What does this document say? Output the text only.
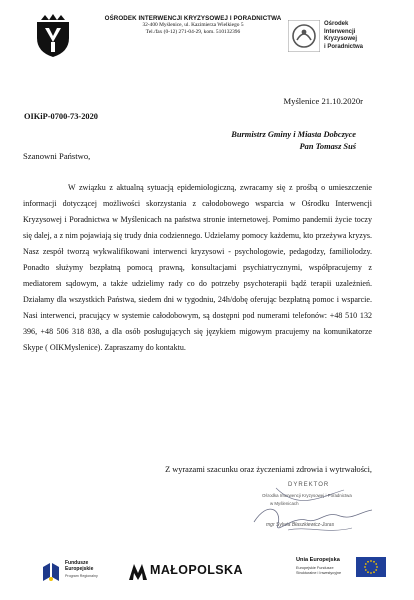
OŚRODEK INTERWENCJI KRYZYSOWEJ I PORADNICTWA
32-400 Myślenice, ul. Kazimierza Wielkiego 5
Tel./fax (0-12) 271-04-29, kom. 510132396
Ośrodek
Interwencji
Kryzysowej
i Poradnictwa
Myślenice 21.10.2020r
OIKiP-0700-73-2020
Burmistrz Gminy i Miasta Dobczyce
Pan Tomasz Suś
Szanowni Państwo,

W związku z aktualną sytuacją epidemiologiczną, zwracamy się z prośbą o umieszczenie informacji dotyczącej możliwości skorzystania z całodobowego wsparcia w Ośrodku Interwencji Kryzysowej i Poradnictwa w Myślenicach na państwa stronie internetowej. Pomimo pandemii życie toczy się dalej, a z nim pojawiają się trudy dnia codziennego. Udzielamy pomocy każdemu, kto przeżywa kryzys. Nasz zespół tworzą wykwalifikowani interwenci kryzysowi - psychologowie, pedagodzy, familiolodzy. Ponadto służymy bezpłatną pomocą prawną, konsultacjami psychiatrycznymi, współpracujemy z mediatorem sądowym, a także udzielimy rady co do potrzeby psychoterapii bądź terapii uzależnień. Działamy dla wszystkich Państwa, siedem dni w tygodniu, 24h/dobę oferując bezpłatną pomoc i wsparcie. Nasi interwenci, pracujący w systemie całodobowym, są dostępni pod numerami telefonów: +48 510 132 396, +48 506 318 838, a dla osób posługujących się językiem migowym pracujemy na komunikatorze Skype ( OIKMyslenice). Zapraszamy do kontaktu.

Z wyrazami szacunku oraz życzeniami zdrowia i wytrwałości,
DYREKTOR
Ośrodka Interwencji Kryzysowej i Poradnictwa
w Myślenicach
mgr Sylwia Błaszkiewicz-Juras
Fundusze
Europejskie
Program Regionalny	MAŁOPOLSKA
Unia Europejska
Europejskie Fundusze Strukturalne i Inwestycyjne
